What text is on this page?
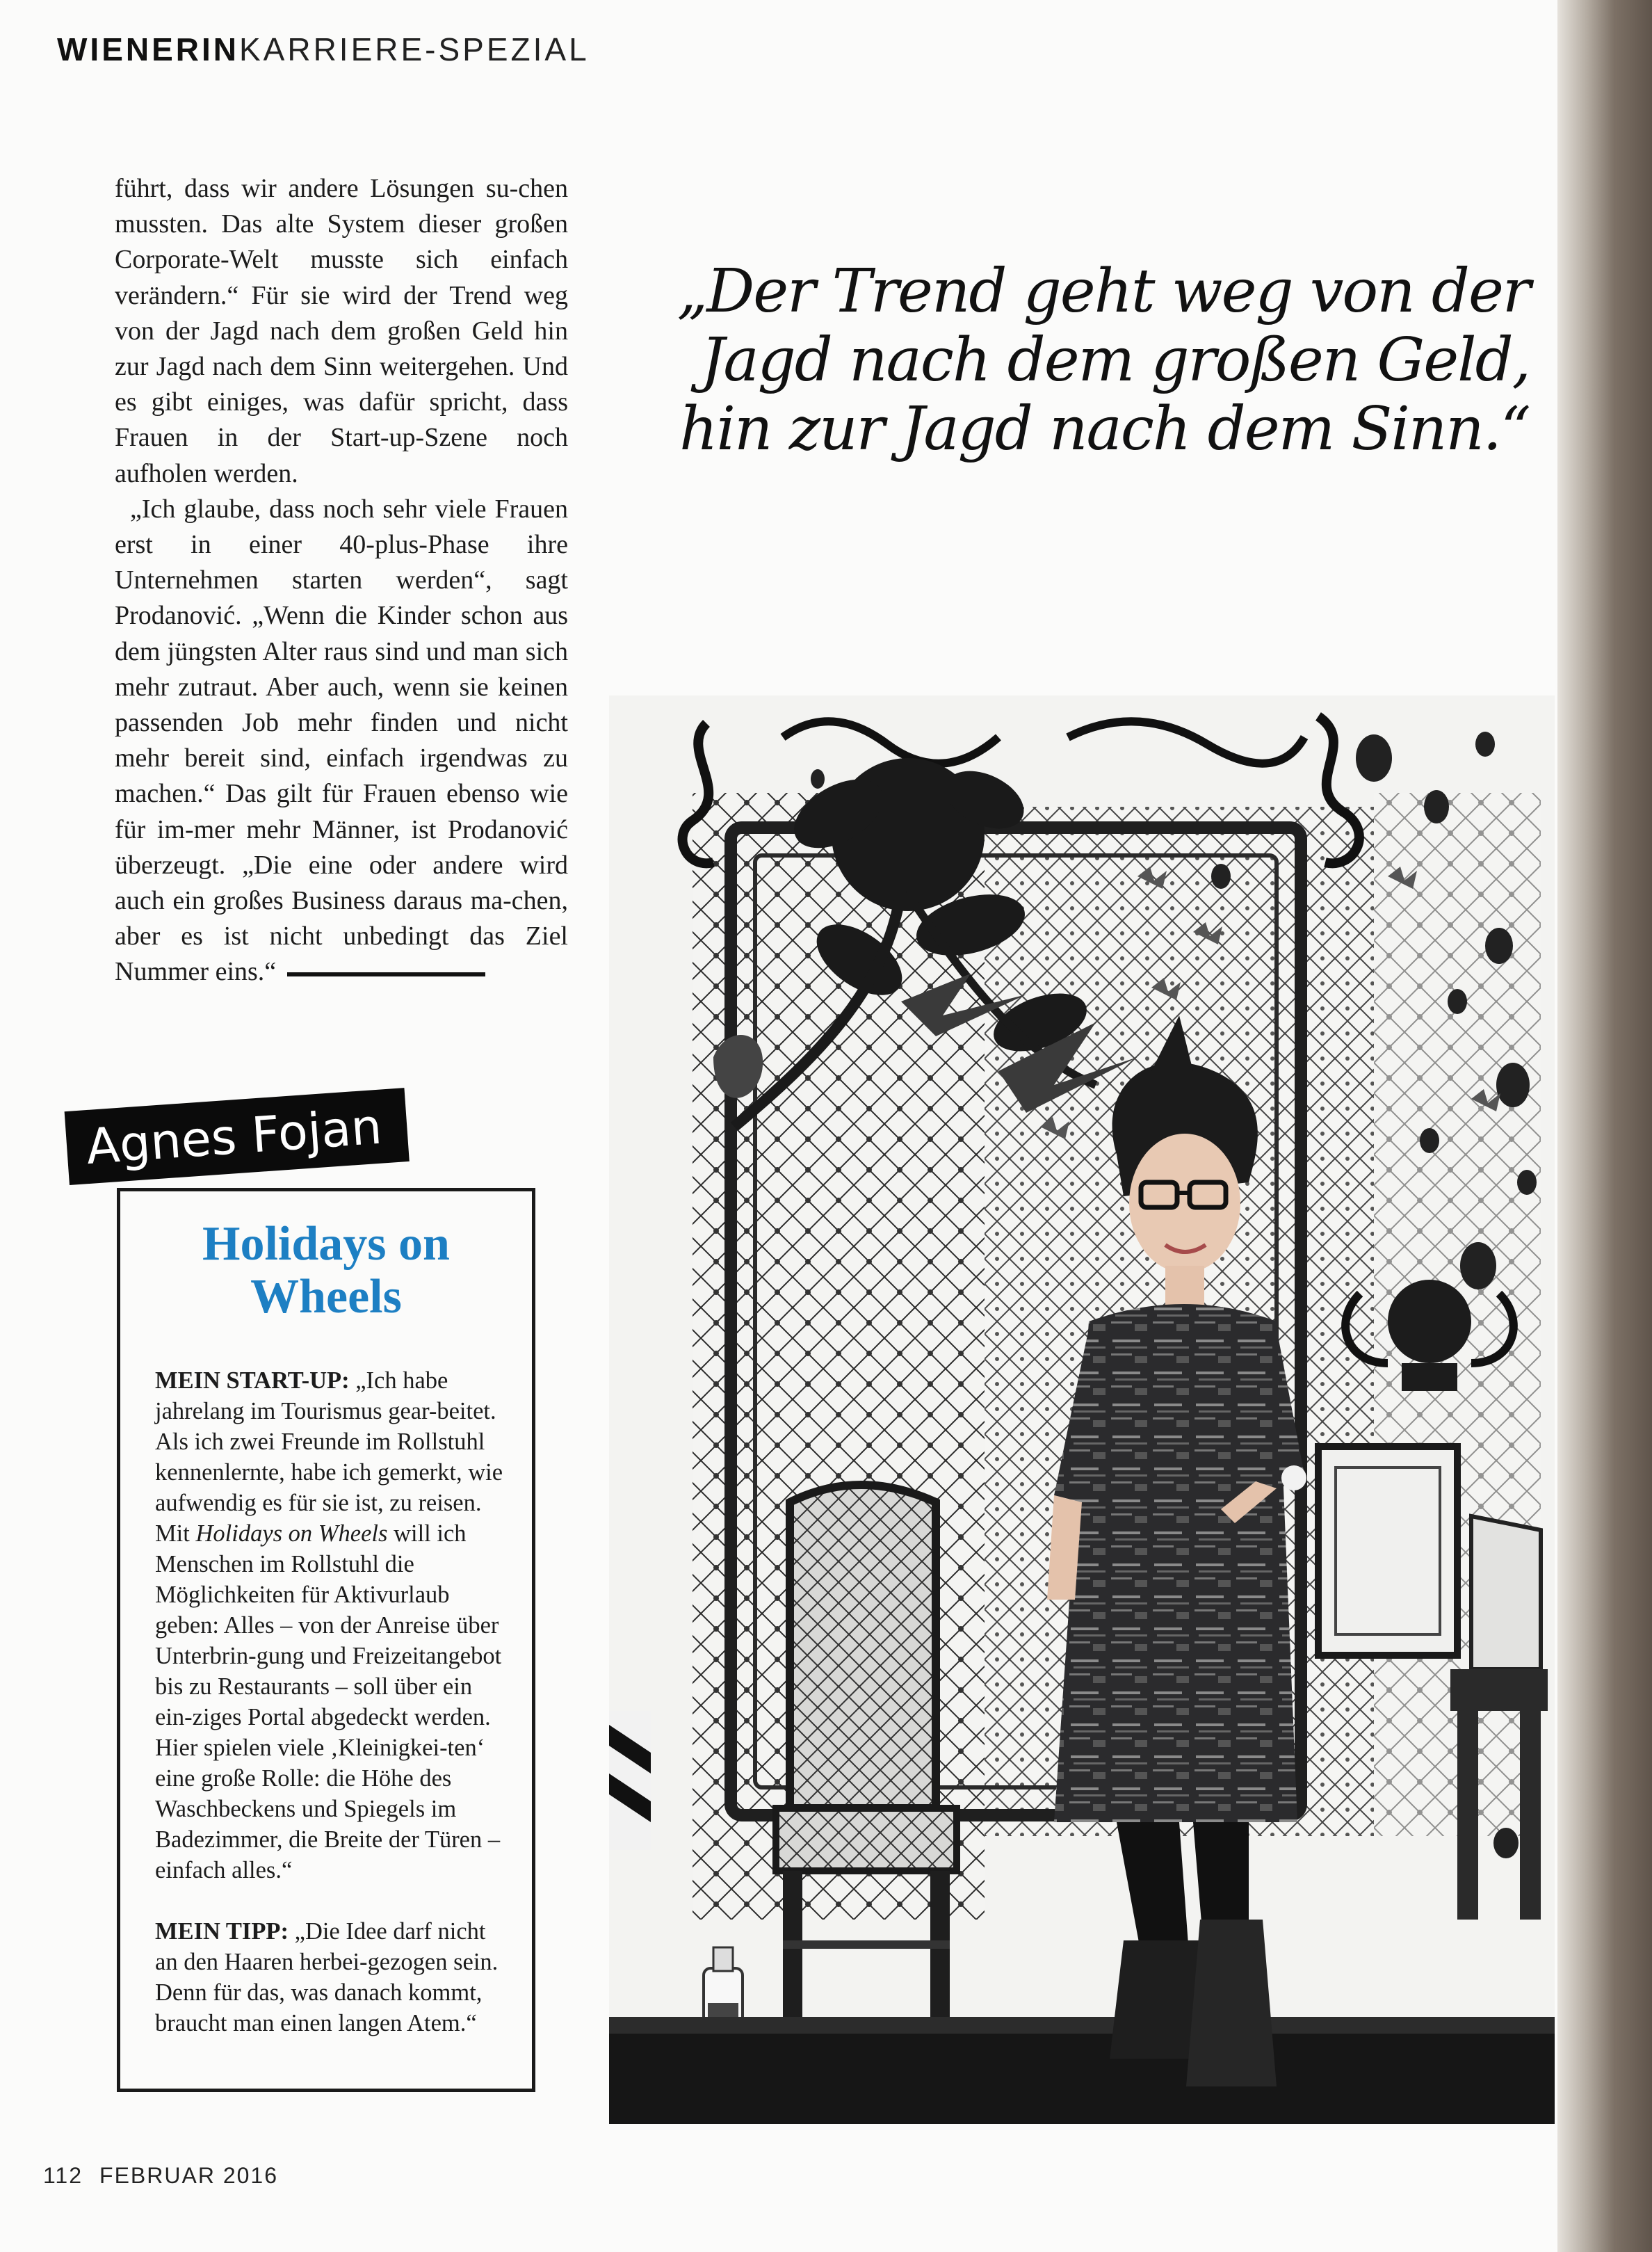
WIENERINKARRIERE-SPEZIAL

führt, dass wir andere Lösungen su-chen mussten. Das alte System dieser großen Corporate-Welt musste sich einfach verändern.“ Für sie wird der Trend weg von der Jagd nach dem großen Geld hin zur Jagd nach dem Sinn weitergehen. Und es gibt einiges, was dafür spricht, dass Frauen in der Start-up-Szene noch aufholen werden.

„Ich glaube, dass noch sehr viele Frauen erst in einer 40-plus-Phase ihre Unternehmen starten werden“, sagt Prodanović. „Wenn die Kinder schon aus dem jüngsten Alter raus sind und man sich mehr zutraut. Aber auch, wenn sie keinen passenden Job mehr finden und nicht mehr bereit sind, einfach irgendwas zu machen.“ Das gilt für Frauen ebenso wie für im-mer mehr Männer, ist Prodanović überzeugt. „Die eine oder andere wird auch ein großes Business daraus ma-chen, aber es ist nicht unbedingt das Ziel Nummer eins.“

„Der Trend geht weg von der
Jagd nach dem großen Geld,
hin zur Jagd nach dem Sinn.“
Agnes Fojan
Holidays on
Wheels
MEIN START-UP: „Ich habe jahrelang im Tourismus gear-beitet. Als ich zwei Freunde im Rollstuhl kennenlernte, habe ich gemerkt, wie aufwendig es für sie ist, zu reisen. Mit Holidays on Wheels will ich Menschen im Rollstuhl die Möglichkeiten für Aktivurlaub geben: Alles – von der Anreise über Unterbrin-gung und Freizeitangebot bis zu Restaurants – soll über ein ein-ziges Portal abgedeckt werden. Hier spielen viele ‚Kleinigkei-ten‘ eine große Rolle: die Höhe des Waschbeckens und Spiegels im Badezimmer, die Breite der Türen – einfach alles.“
MEIN TIPP: „Die Idee darf nicht an den Haaren herbei-gezogen sein. Denn für das, was danach kommt, braucht man einen langen Atem.“
112 FEBRUAR 2016
